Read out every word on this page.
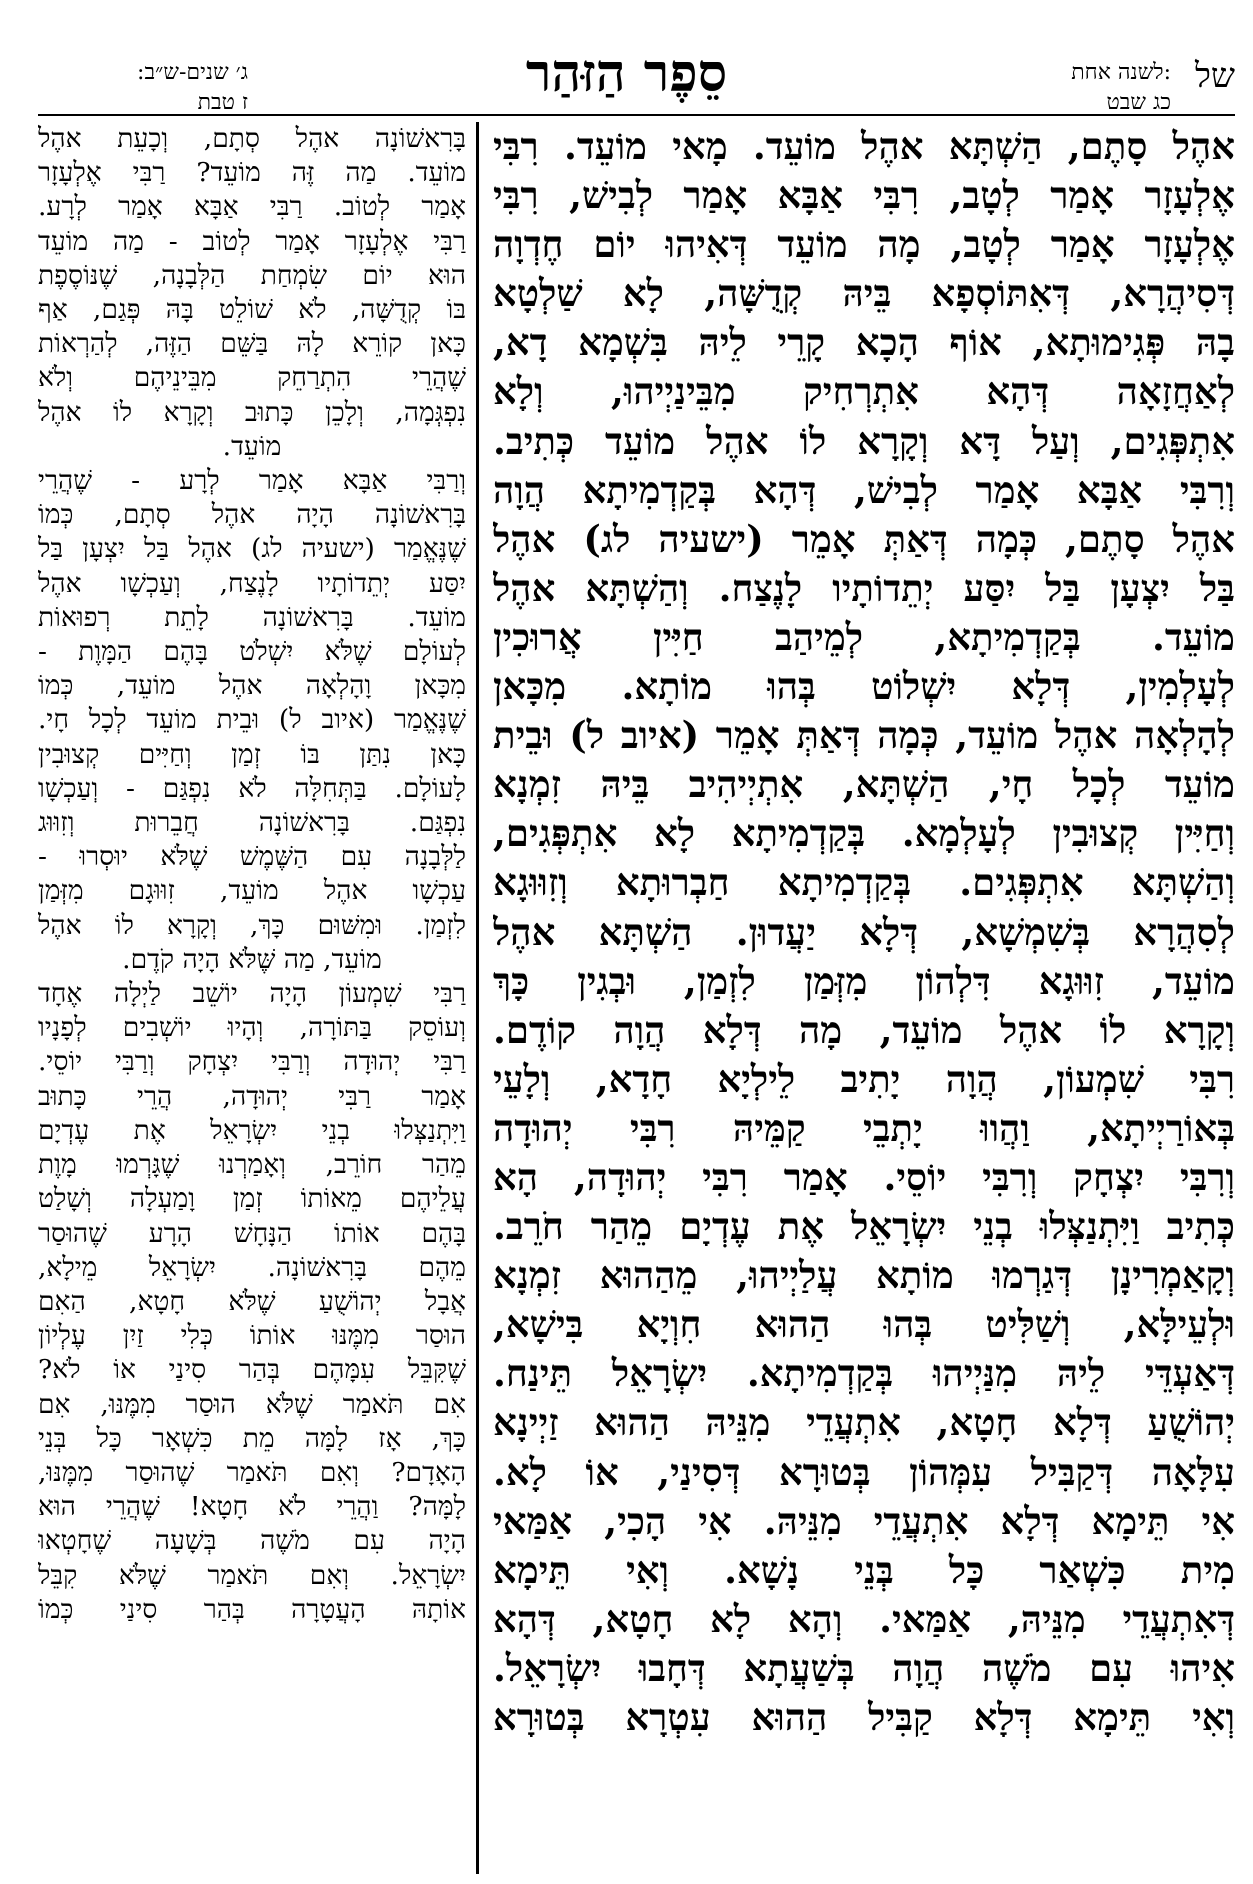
של
לשנה אחת:
כג שבט
סֵפֶר הַזּהַר
ג׳ שנים-ש״ב:
ז טבת

אהֶל סָתֶם, הַשְׁתָּא אהֶל מוֹעֵד. מָאי מוֹעֵד. רִבִּי

אֶלְעָזָר אָמַר לְטָב, רִבִּי אַבָּא אָמַר לְבִישׁ, רִבִּי

אֶלְעָזָר אָמַר לְטָב, מָה מוֹעֵד דְּאִיהוּ יוֹם חֶדְוָה

דְּסִיהֲרָא, דְּאִתּוֹסְפָא בֵּיהּ קְדֻשָּׁה, לָא שַׁלְטָא

בָהּ פְּגִימוּתָא, אוֹף הָכָא קָרֵי לֵיהּ בִּשְׁמָא דָא,

לְאַחֲזָאָה דְּהָא אִתְרְחִיק מִבֵּינַיְיהוּ, וְלָא

אִתְפְּגִים, וְעַל דָּא וְקָרָא לוֹ אהֶל מוֹעֵד כְּתִיב.

וְרִבִּי אַבָּא אָמַר לְבִישׁ, דְּהָא בְּקַדְמִיתָא הֲוָה

אהֶל סָתֶם, כְּמָה דְּאַתְּ אָמֵר (ישעיה לג) אהֶל

בַּל יִצְעָן בַּל יִסַּע יְתֵדוֹתָיו לָנֶצַח. וְהַשְׁתָּא אהֶל

מוֹעֵד. בְּקַדְמִיתָא, לְמֵיהַב חַיִּין אֲרוּכִין

לְעָלְמִין, דְּלָא יִשְׁלוֹט בְּהוּ מוֹתָא. מִכָּאן

לְהָלְאָה אהֶל מוֹעֵד, כְּמָה דְּאַתְּ אָמֵר (איוב ל) וּבֵית

מוֹעֵד לְכָל חָי, הַשְׁתָּא, אִתְיְיהִיב בֵּיהּ זִמְנָא

וְחַיִּין קְצוּבִין לְעָלְמָא. בְּקַדְמִיתָא לָא אִתְפְּגִים,

וְהַשְׁתָּא אִתְפְּגִים. בְּקַדְמִיתָא חַבְרוּתָא וְזִוּוּגָא

לְסִהֲרָא בְּשִׁמְשָׁא, דְּלָא יַעֲדוּן. הַשְׁתָּא אהֶל

מוֹעֵד, זִוּוּגָא דִּלְהוֹן מִזְּמַן לִזְמַן, וּבְגִין כָּךְ

וְקָרָא לוֹ אהֶל מוֹעֵד, מָה דְּלָא הֲוָה קוֹדֶם.

רִבִּי שִׁמְעוֹן, הֲוָה יָתִיב לֵילְיָא חָדָא, וְלָעֵי

בְּאוֹרַיְיתָא, וַהֲווּ יָתְבֵי קַמֵּיהּ רִבִּי יְהוּדָה

וְרִבִּי יִצְחָק וְרִבִּי יוֹסֵי. אָמַר רִבִּי יְהוּדָה, הָא

כְּתִיב וַיִּתְנַצְּלוּ בְנֵי יִשְׂרָאֵל אֶת עֶדְיָם מֵהַר חֹרֵב.

וְקָאַמְרִינָן דְּגַרְמוּ מוֹתָא עֲלַיְיהוּ, מֵהַהוּא זִמְנָא

וּלְעֵילָּא, וְשַׁלִּיט בְּהוּ הַהוּא חִוְיָא בִּישָׁא,

דְּאַעְדֵּי לֵיהּ מִנַּיְיהוּ בְּקַדְמִיתָא. יִשְׂרָאֵל תֵּינַח.

יְהוֹשֻׁעַ דְּלָא חָטָא, אִתְעֲדֵי מִנֵּיהּ הַהוּא זַיְינָא

עִלָּאָה דְּקַבִּיל עִמְּהוֹן בְּטוּרָא דְּסִינַי, אוֹ לָא.

אִי תֵּימָא דְּלָא אִתְעֲדֵי מִנֵּיהּ. אִי הָכִי, אַמַּאי

מִית כִּשְׁאַר כָּל בְּנֵי נָשָׁא. וְאִי תֵּימָא

דְּאִתְעֲדֵי מִנֵּיהּ, אַמַּאי. וְהָא לָא חָטָא, דְּהָא

אִיהוּ עִם מֹשֶׁה הֲוָה בְּשַׁעֲתָא דְּחָבוּ יִשְׂרָאֵל.

וְאִי תֵּימָא דְּלָא קַבִּיל הַהוּא עִטְרָא בְּטוּרָא

בָּרִאשׁוֹנָה אהֶל סְתָם, וְכָעֵת אהֶל

מוֹעֵד. מַה זֶּה מוֹעֵד? רַבִּי אֶלְעָזָר

אָמַר לְטוֹב. רַבִּי אַבָּא אָמַר לְרָע.

רַבִּי אֶלְעָזָר אָמַר לְטוֹב - מַה מוֹעֵד

הוּא יוֹם שִׂמְחַת הַלְּבָנָה, שֶׁנּוֹסֶפֶת

בּוֹ קְדֻשָּׁה, לֹא שׁוֹלֵט בָּהּ פְּגַם, אַף

כָּאן קוֹרֵא לָהּ בַּשֵּׁם הַזֶּה, לְהַרְאוֹת

שֶׁהֲרֵי הִתְרַחֵק מִבֵּינֵיהֶם וְלֹא

נִפְגְּמָה, וְלָכֵן כָּתוּב וְקָרָא לוֹ אהֶל

מוֹעֵד.

וְרַבִּי אַבָּא אָמַר לְרָע - שֶׁהֲרֵי

בָּרִאשׁוֹנָה הָיָה אהֶל סְתָם, כְּמוֹ

שֶׁנֶּאֱמַר (ישעיה לג) אהֶל בַּל יִצְעָן בַּל

יִסַּע יְתֵדוֹתָיו לָנֶצַח, וְעַכְשָׁו אהֶל

מוֹעֵד. בָּרִאשׁוֹנָה לָתֵת רְפוּאוֹת

לְעוֹלָם שֶׁלֹּא יִשְׁלֹט בָּהֶם הַמָּוֶת -

מִכָּאן וָהָלְאָה אהֶל מוֹעֵד, כְּמוֹ

שֶׁנֶּאֱמַר (איוב ל) וּבֵית מוֹעֵד לְכָל חָי.

כָּאן נִתַּן בּוֹ זְמַן וְחַיִּים קְצוּבִין

לָעוֹלָם. בַּתְּחִלָּה לֹא נִפְגַּם - וְעַכְשָׁו

נִפְגַּם. בָּרִאשׁוֹנָה חֲבֵרוּת וְזִוּוּג

לַלְּבָנָה עִם הַשֶּׁמֶשׁ שֶׁלֹּא יוּסְרוּ -

עַכְשָׁו אהֶל מוֹעֵד, זִוּוּגָם מִזְּמַן

לִזְמַן. וּמִשּׁוּם כָּךְ, וְקָרָא לוֹ אהֶל

מוֹעֵד, מַה שֶּׁלֹּא הָיָה קֹדֶם.

רַבִּי שִׁמְעוֹן הָיָה יוֹשֵׁב לַיְלָה אֶחָד

וְעוֹסֵק בַּתּוֹרָה, וְהָיוּ יוֹשְׁבִים לְפָנָיו

רַבִּי יְהוּדָה וְרַבִּי יִצְחָק וְרַבִּי יוֹסֵי.

אָמַר רַבִּי יְהוּדָה, הֲרֵי כָּתוּב

וַיִּתְנַצְּלוּ בְנֵי יִשְׂרָאֵל אֶת עֶדְיָם

מֵהַר חוֹרֵב, וְאָמַרְנוּ שֶׁגָּרְמוּ מָוֶת

עֲלֵיהֶם מֵאוֹתוֹ זְמַן וָמַעְלָה וְשָׁלַט

בָּהֶם אוֹתוֹ הַנָּחָשׁ הָרָע שֶׁהוּסַר

מֵהֶם בָּרִאשׁוֹנָה. יִשְׂרָאֵל מֵילָא,

אֲבָל יְהוֹשֻׁעַ שֶׁלֹּא חָטָא, הַאִם

הוּסַר מִמֶּנּוּ אוֹתוֹ כְּלִי זַיִן עֶלְיוֹן

שֶׁקִּבֵּל עִמָּהֶם בְּהַר סִינַי אוֹ לֹא?

אִם תֹּאמַר שֶׁלֹּא הוּסַר מִמֶּנּוּ, אִם

כָּךְ, אָז לָמָּה מֵת כִּשְׁאָר כָּל בְּנֵי

הָאָדָם? וְאִם תֹּאמַר שֶׁהוּסַר מִמֶּנּוּ,

לָמָּה? וַהֲרֵי לֹא חָטָא! שֶׁהֲרֵי הוּא

הָיָה עִם מֹשֶׁה בְּשָׁעָה שֶׁחָטְאוּ

יִשְׂרָאֵל. וְאִם תֹּאמַר שֶׁלֹּא קִבֵּל

אוֹתָהּ הָעֲטָרָה בְּהַר סִינַי כְּמוֹ
